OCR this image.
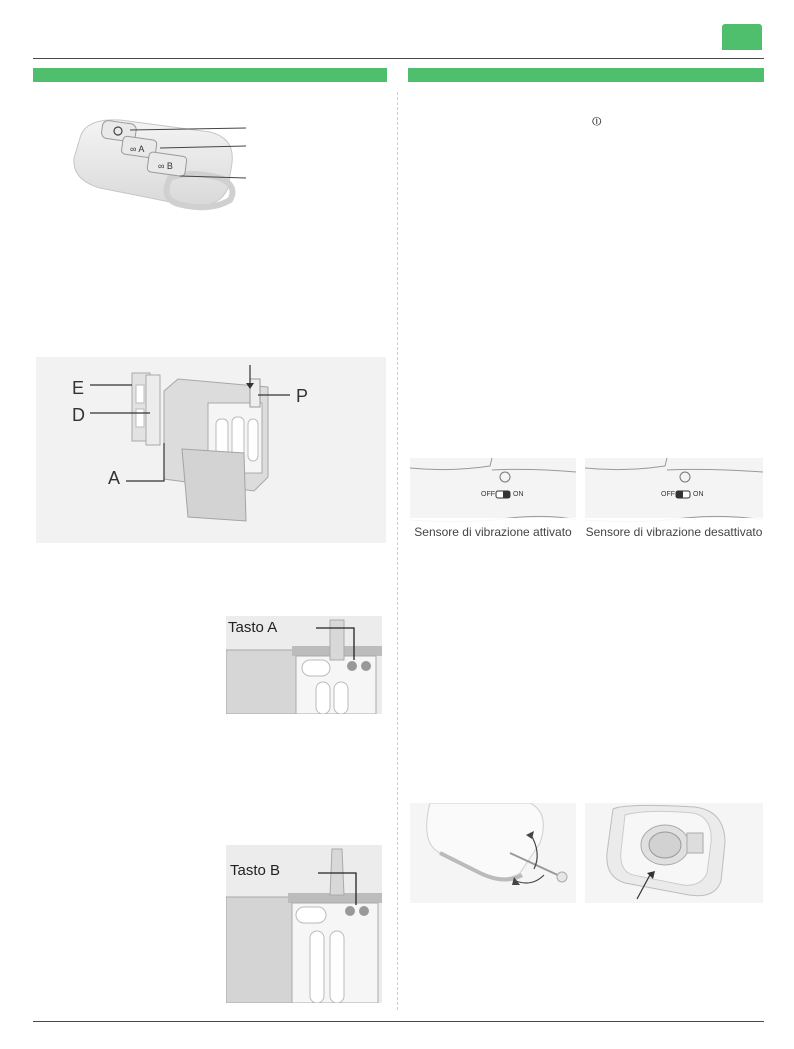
∞ A
∞ B
E
D
A
P
Tasto A
Tasto B
⏼
OFF	ON
Sensore di vibrazione attivato
OFF	ON
Sensore di vibrazione desattivato
